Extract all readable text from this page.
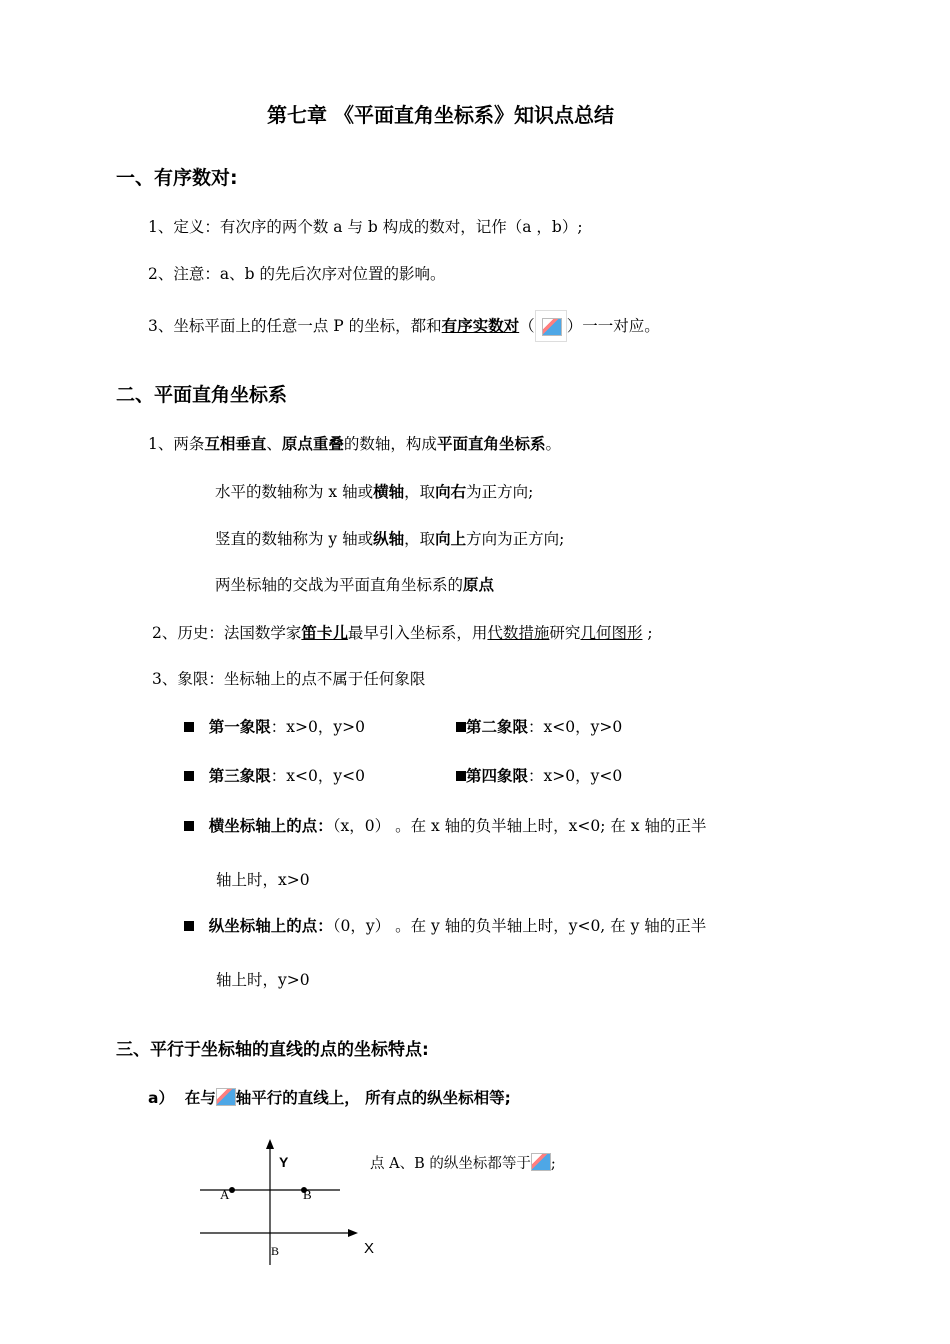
第七章 《平面直角坐标系》知识点总结
一、有序数对:
1、定义：有次序的两个数 a 与 b 构成的数对，记作（a ，b）;
2、注意：a、b 的先后次序对位置的影响。
3、坐标平面上的任意一点 P 的坐标，都和有序实数对（ ）一一对应。
二、平面直角坐标系
1、两条互相垂直、原点重叠的数轴，构成平面直角坐标系。
水平的数轴称为 x 轴或横轴，取向右为正方向;
竖直的数轴称为 y 轴或纵轴，取向上方向为正方向;
两坐标轴的交战为平面直角坐标系的原点
2、历史：法国数学家笛卡儿最早引入坐标系，用代数措施研究几何图形 ;
3、象限：坐标轴上的点不属于任何象限
第一象限：x>0，y>0	第二象限：x<0，y>0
第三象限：x<0，y<0	第四象限：x>0，y<0
横坐标轴上的点：（x，0） 。在 x 轴的负半轴上时，x<0; 在 x 轴的正半
轴上时，x>0
纵坐标轴上的点：（0，y） 。在 y 轴的负半轴上时，y<0, 在 y 轴的正半
轴上时，y>0
三、平行于坐标轴的直线的点的坐标特点:
a） 在与 轴平行的直线上， 所有点的纵坐标相等;
Y
X
A	B
B
点 A、B 的纵坐标都等于 ;
